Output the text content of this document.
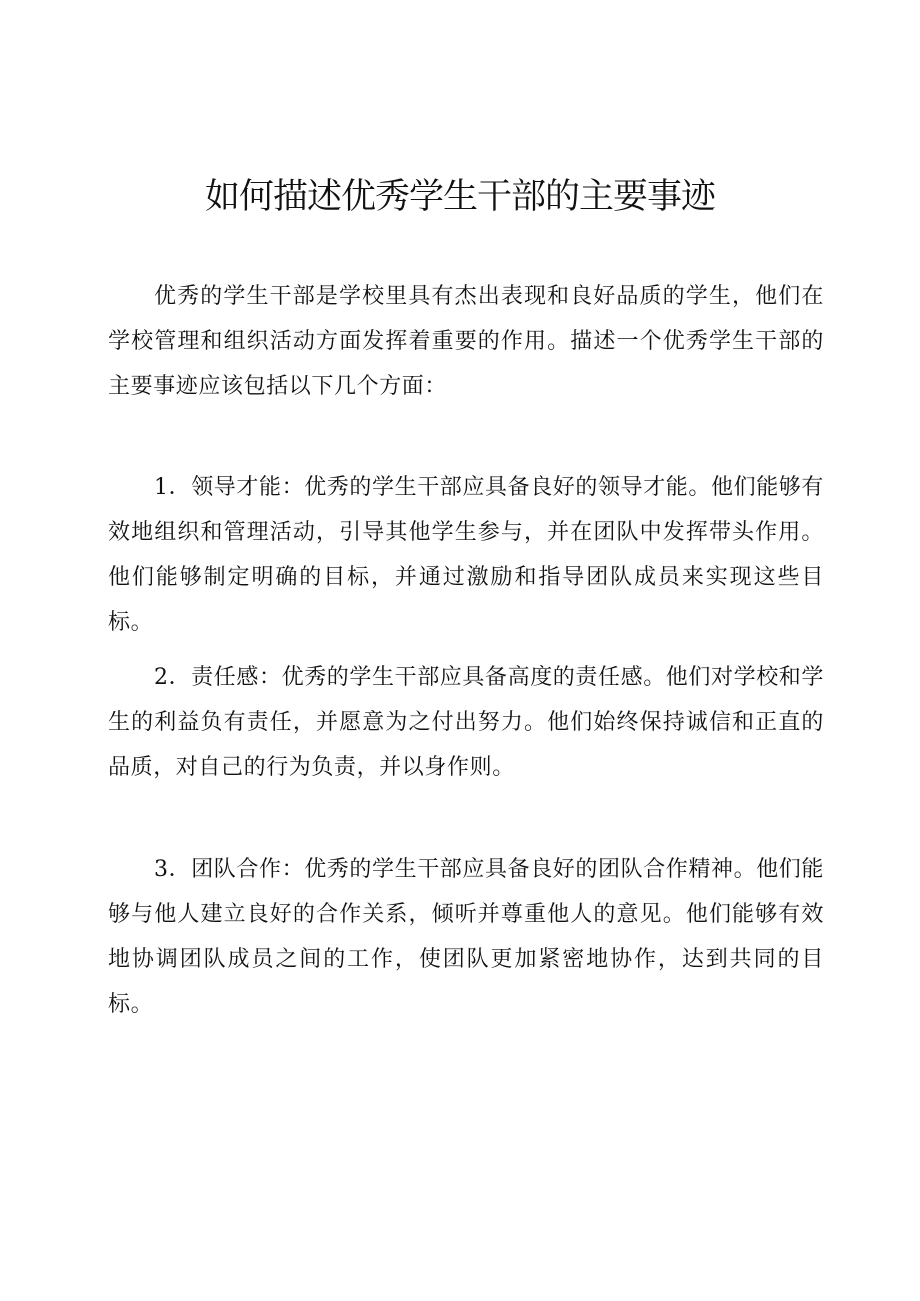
如何描述优秀学生干部的主要事迹

优秀的学生干部是学校里具有杰出表现和良好品质的学生，他们在学校管理和组织活动方面发挥着重要的作用。描述一个优秀学生干部的主要事迹应该包括以下几个方面：

1．领导才能：优秀的学生干部应具备良好的领导才能。他们能够有效地组织和管理活动，引导其他学生参与，并在团队中发挥带头作用。他们能够制定明确的目标，并通过激励和指导团队成员来实现这些目标。

2．责任感：优秀的学生干部应具备高度的责任感。他们对学校和学生的利益负有责任，并愿意为之付出努力。他们始终保持诚信和正直的品质，对自己的行为负责，并以身作则。

3．团队合作：优秀的学生干部应具备良好的团队合作精神。他们能够与他人建立良好的合作关系，倾听并尊重他人的意见。他们能够有效地协调团队成员之间的工作，使团队更加紧密地协作，达到共同的目标。
